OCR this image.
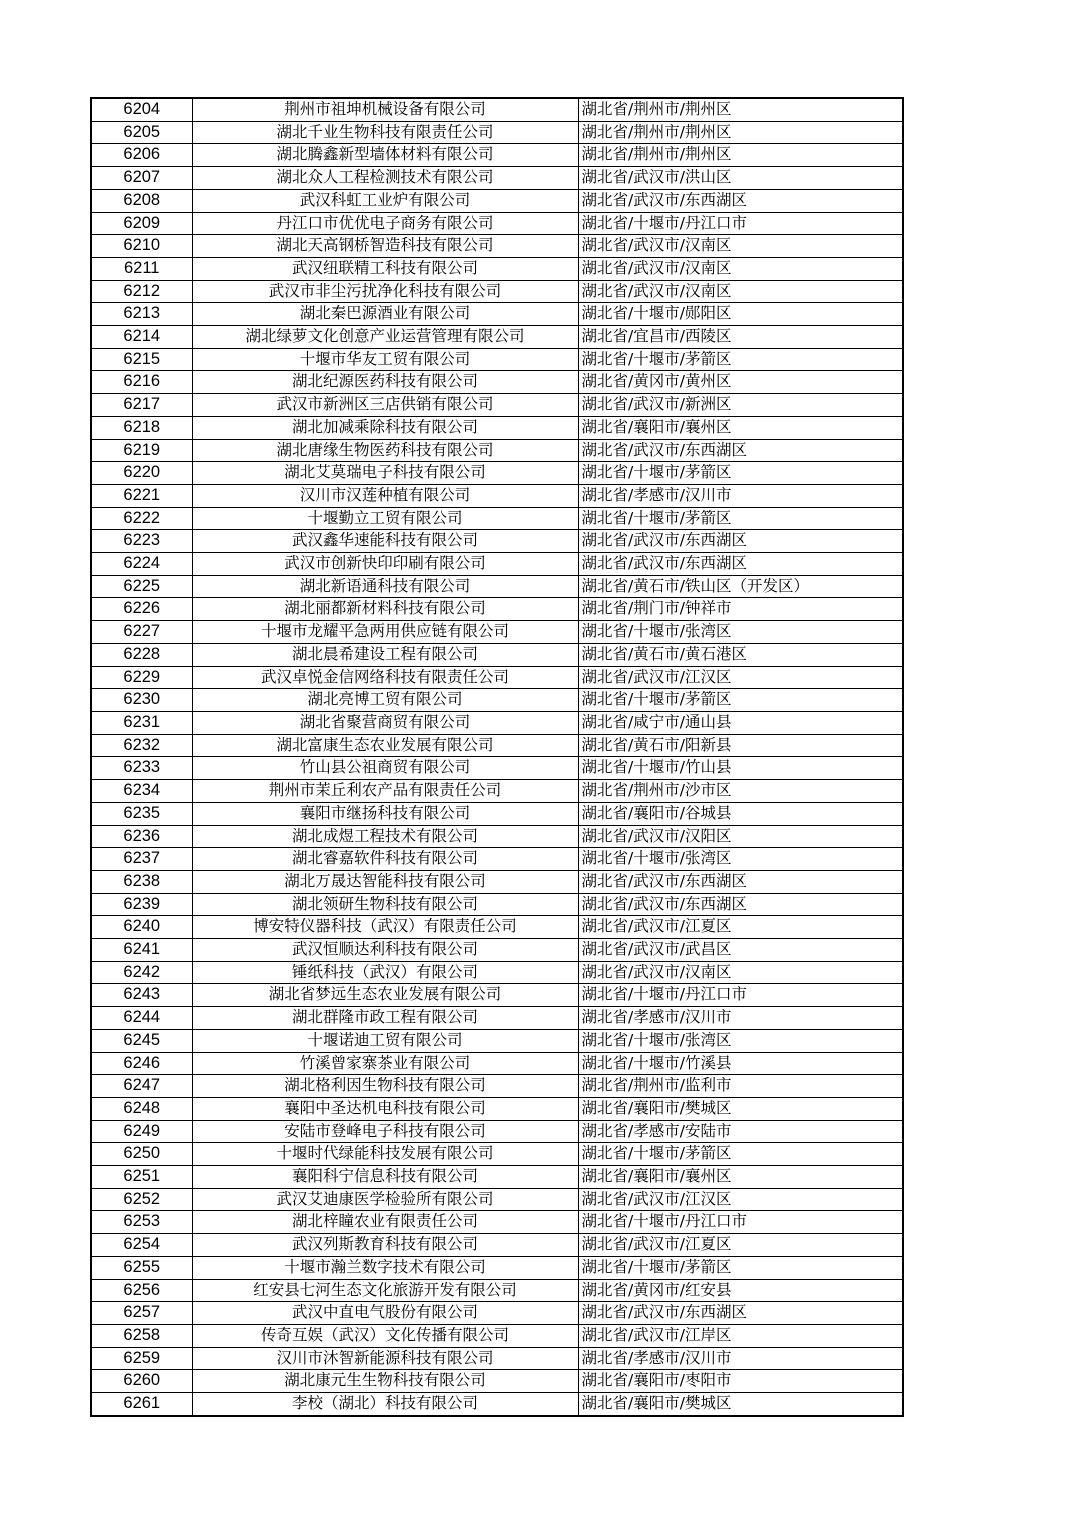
6204	荆州市祖坤机械设备有限公司	湖北省/荆州市/荆州区
6205	湖北千业生物科技有限责任公司	湖北省/荆州市/荆州区
6206	湖北腾鑫新型墙体材料有限公司	湖北省/荆州市/荆州区
6207	湖北众人工程检测技术有限公司	湖北省/武汉市/洪山区
6208	武汉科虹工业炉有限公司	湖北省/武汉市/东西湖区
6209	丹江口市优优电子商务有限公司	湖北省/十堰市/丹江口市
6210	湖北天高钢桥智造科技有限公司	湖北省/武汉市/汉南区
6211	武汉纽联精工科技有限公司	湖北省/武汉市/汉南区
6212	武汉市非尘污扰净化科技有限公司	湖北省/武汉市/汉南区
6213	湖北秦巴源酒业有限公司	湖北省/十堰市/郧阳区
6214	湖北绿萝文化创意产业运营管理有限公司	湖北省/宜昌市/西陵区
6215	十堰市华友工贸有限公司	湖北省/十堰市/茅箭区
6216	湖北纪源医药科技有限公司	湖北省/黄冈市/黄州区
6217	武汉市新洲区三店供销有限公司	湖北省/武汉市/新洲区
6218	湖北加减乘除科技有限公司	湖北省/襄阳市/襄州区
6219	湖北唐缘生物医药科技有限公司	湖北省/武汉市/东西湖区
6220	湖北艾莫瑞电子科技有限公司	湖北省/十堰市/茅箭区
6221	汉川市汉莲种植有限公司	湖北省/孝感市/汉川市
6222	十堰勤立工贸有限公司	湖北省/十堰市/茅箭区
6223	武汉鑫华速能科技有限公司	湖北省/武汉市/东西湖区
6224	武汉市创新快印印刷有限公司	湖北省/武汉市/东西湖区
6225	湖北新语通科技有限公司	湖北省/黄石市/铁山区（开发区）
6226	湖北丽都新材料科技有限公司	湖北省/荆门市/钟祥市
6227	十堰市龙耀平急两用供应链有限公司	湖北省/十堰市/张湾区
6228	湖北晨希建设工程有限公司	湖北省/黄石市/黄石港区
6229	武汉卓悦金信网络科技有限责任公司	湖北省/武汉市/江汉区
6230	湖北亮博工贸有限公司	湖北省/十堰市/茅箭区
6231	湖北省聚营商贸有限公司	湖北省/咸宁市/通山县
6232	湖北富康生态农业发展有限公司	湖北省/黄石市/阳新县
6233	竹山县公祖商贸有限公司	湖北省/十堰市/竹山县
6234	荆州市茉丘利农产品有限责任公司	湖北省/荆州市/沙市区
6235	襄阳市继扬科技有限公司	湖北省/襄阳市/谷城县
6236	湖北成煜工程技术有限公司	湖北省/武汉市/汉阳区
6237	湖北睿嘉软件科技有限公司	湖北省/十堰市/张湾区
6238	湖北万晟达智能科技有限公司	湖北省/武汉市/东西湖区
6239	湖北领研生物科技有限公司	湖北省/武汉市/东西湖区
6240	博安特仪器科技（武汉）有限责任公司	湖北省/武汉市/江夏区
6241	武汉恒顺达利科技有限公司	湖北省/武汉市/武昌区
6242	锤纸科技（武汉）有限公司	湖北省/武汉市/汉南区
6243	湖北省梦远生态农业发展有限公司	湖北省/十堰市/丹江口市
6244	湖北群隆市政工程有限公司	湖北省/孝感市/汉川市
6245	十堰诺迪工贸有限公司	湖北省/十堰市/张湾区
6246	竹溪曾家寨茶业有限公司	湖北省/十堰市/竹溪县
6247	湖北格利因生物科技有限公司	湖北省/荆州市/监利市
6248	襄阳中圣达机电科技有限公司	湖北省/襄阳市/樊城区
6249	安陆市登峰电子科技有限公司	湖北省/孝感市/安陆市
6250	十堰时代绿能科技发展有限公司	湖北省/十堰市/茅箭区
6251	襄阳科宁信息科技有限公司	湖北省/襄阳市/襄州区
6252	武汉艾迪康医学检验所有限公司	湖北省/武汉市/江汉区
6253	湖北梓瞳农业有限责任公司	湖北省/十堰市/丹江口市
6254	武汉列斯教育科技有限公司	湖北省/武汉市/江夏区
6255	十堰市瀚兰数字技术有限公司	湖北省/十堰市/茅箭区
6256	红安县七河生态文化旅游开发有限公司	湖北省/黄冈市/红安县
6257	武汉中直电气股份有限公司	湖北省/武汉市/东西湖区
6258	传奇互娱（武汉）文化传播有限公司	湖北省/武汉市/江岸区
6259	汉川市沐智新能源科技有限公司	湖北省/孝感市/汉川市
6260	湖北康元生生物科技有限公司	湖北省/襄阳市/枣阳市
6261	李校（湖北）科技有限公司	湖北省/襄阳市/樊城区
